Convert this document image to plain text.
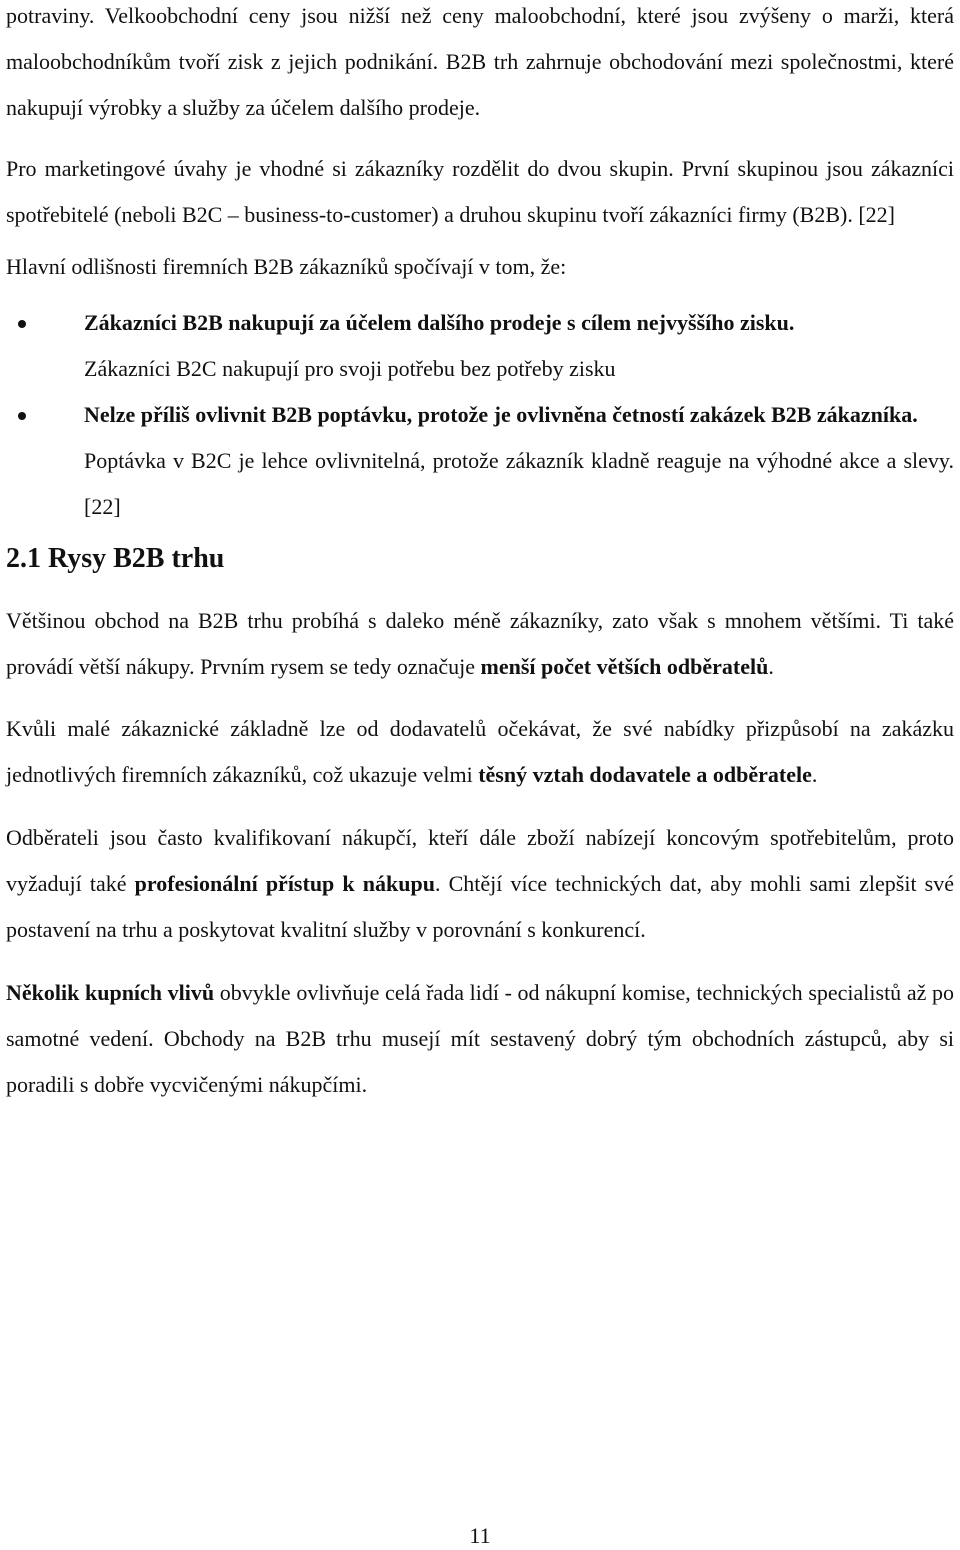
potraviny. Velkoobchodní ceny jsou nižší než ceny maloobchodní, které jsou zvýšeny o marži, která maloobchodníkům tvoří zisk z jejich podnikání. B2B trh zahrnuje obchodování mezi společnostmi, které nakupují výrobky a služby za účelem dalšího prodeje.

Pro marketingové úvahy je vhodné si zákazníky rozdělit do dvou skupin. První skupinou jsou zákazníci spotřebitelé (neboli B2C – business-to-customer) a druhou skupinu tvoří zákazníci firmy (B2B). [22]

Hlavní odlišnosti firemních B2B zákazníků spočívají v tom, že:

Zákazníci B2B nakupují za účelem dalšího prodeje s cílem nejvyššího zisku.
Zákazníci B2C nakupují pro svoji potřebu bez potřeby zisku
Nelze příliš ovlivnit B2B poptávku, protože je ovlivněna četností zakázek B2B zákazníka.
Poptávka v B2C je lehce ovlivnitelná, protože zákazník kladně reaguje na výhodné akce a slevy. [22]
2.1 Rysy B2B trhu

Většinou obchod na B2B trhu probíhá s daleko méně zákazníky, zato však s mnohem většími. Ti také provádí větší nákupy. Prvním rysem se tedy označuje menší počet větších odběratelů.

Kvůli malé zákaznické základně lze od dodavatelů očekávat, že své nabídky přizpůsobí na zakázku jednotlivých firemních zákazníků, což ukazuje velmi těsný vztah dodavatele a odběratele.

Odběrateli jsou často kvalifikovaní nákupčí, kteří dále zboží nabízejí koncovým spotřebitelům, proto vyžadují také profesionální přístup k nákupu. Chtějí více technických dat, aby mohli sami zlepšit své postavení na trhu a poskytovat kvalitní služby v porovnání s konkurencí.

Několik kupních vlivů obvykle ovlivňuje celá řada lidí - od nákupní komise, technických specialistů až po samotné vedení. Obchody na B2B trhu musejí mít sestavený dobrý tým obchodních zástupců, aby si poradili s dobře vycvičenými nákupčími.

11
